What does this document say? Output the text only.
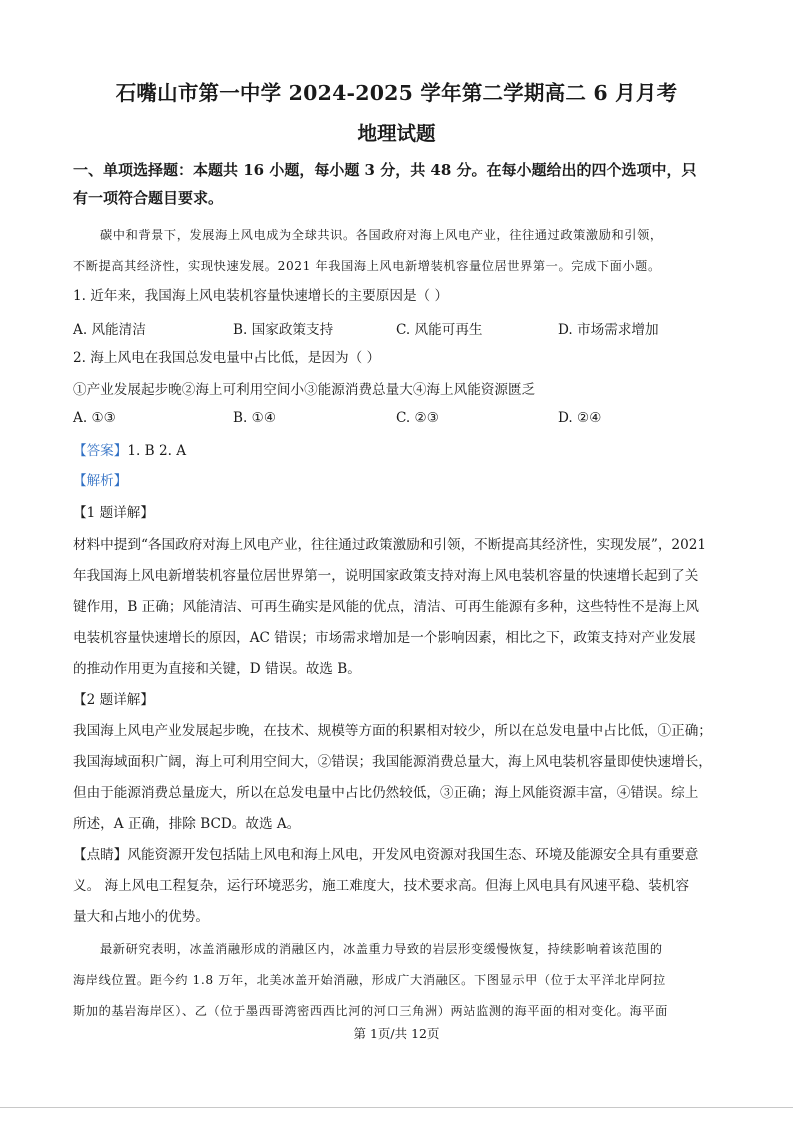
石嘴山市第一中学 2024-2025 学年第二学期高二 6 月月考
地理试题
一、单项选择题：本题共 16 小题，每小题 3 分，共 48 分。在每小题给出的四个选项中，只
有一项符合题目要求。
碳中和背景下，发展海上风电成为全球共识。各国政府对海上风电产业，往往通过政策激励和引领，
不断提高其经济性，实现快速发展。2021 年我国海上风电新增装机容量位居世界第一。完成下面小题。
1. 近年来，我国海上风电装机容量快速增长的主要原因是（ ）
A. 风能清洁	B. 国家政策支持	C. 风能可再生	D. 市场需求增加
2. 海上风电在我国总发电量中占比低，是因为（ ）
①产业发展起步晚②海上可利用空间小③能源消费总量大④海上风能资源匮乏
A. ①③	B. ①④	C. ②③	D. ②④
【答案】1. B 2. A
【解析】
【1 题详解】
材料中提到“各国政府对海上风电产业，往往通过政策激励和引领，不断提高其经济性，实现发展”，2021
年我国海上风电新增装机容量位居世界第一，说明国家政策支持对海上风电装机容量的快速增长起到了关
键作用，B 正确；风能清洁、可再生确实是风能的优点，清洁、可再生能源有多种，这些特性不是海上风
电装机容量快速增长的原因，AC 错误；市场需求增加是一个影响因素，相比之下，政策支持对产业发展
的推动作用更为直接和关键，D 错误。故选 B。
【2 题详解】
我国海上风电产业发展起步晚，在技术、规模等方面的积累相对较少，所以在总发电量中占比低，①正确；
我国海域面积广阔，海上可利用空间大，②错误；我国能源消费总量大，海上风电装机容量即使快速增长，
但由于能源消费总量庞大，所以在总发电量中占比仍然较低，③正确；海上风能资源丰富，④错误。综上
所述，A 正确，排除 BCD。故选 A。
【点睛】风能资源开发包括陆上风电和海上风电，开发风电资源对我国生态、环境及能源安全具有重要意
义。 海上风电工程复杂，运行环境恶劣，施工难度大，技术要求高。但海上风电具有风速平稳、装机容
量大和占地小的优势。
最新研究表明，冰盖消融形成的消融区内，冰盖重力导致的岩层形变缓慢恢复，持续影响着该范围的
海岸线位置。距今约 1.8 万年，北美冰盖开始消融，形成广大消融区。下图显示甲（位于太平洋北岸阿拉
斯加的基岩海岸区）、乙（位于墨西哥湾密西西比河的河口三角洲）两站监测的海平面的相对变化。海平面
第 1页/共 12页
